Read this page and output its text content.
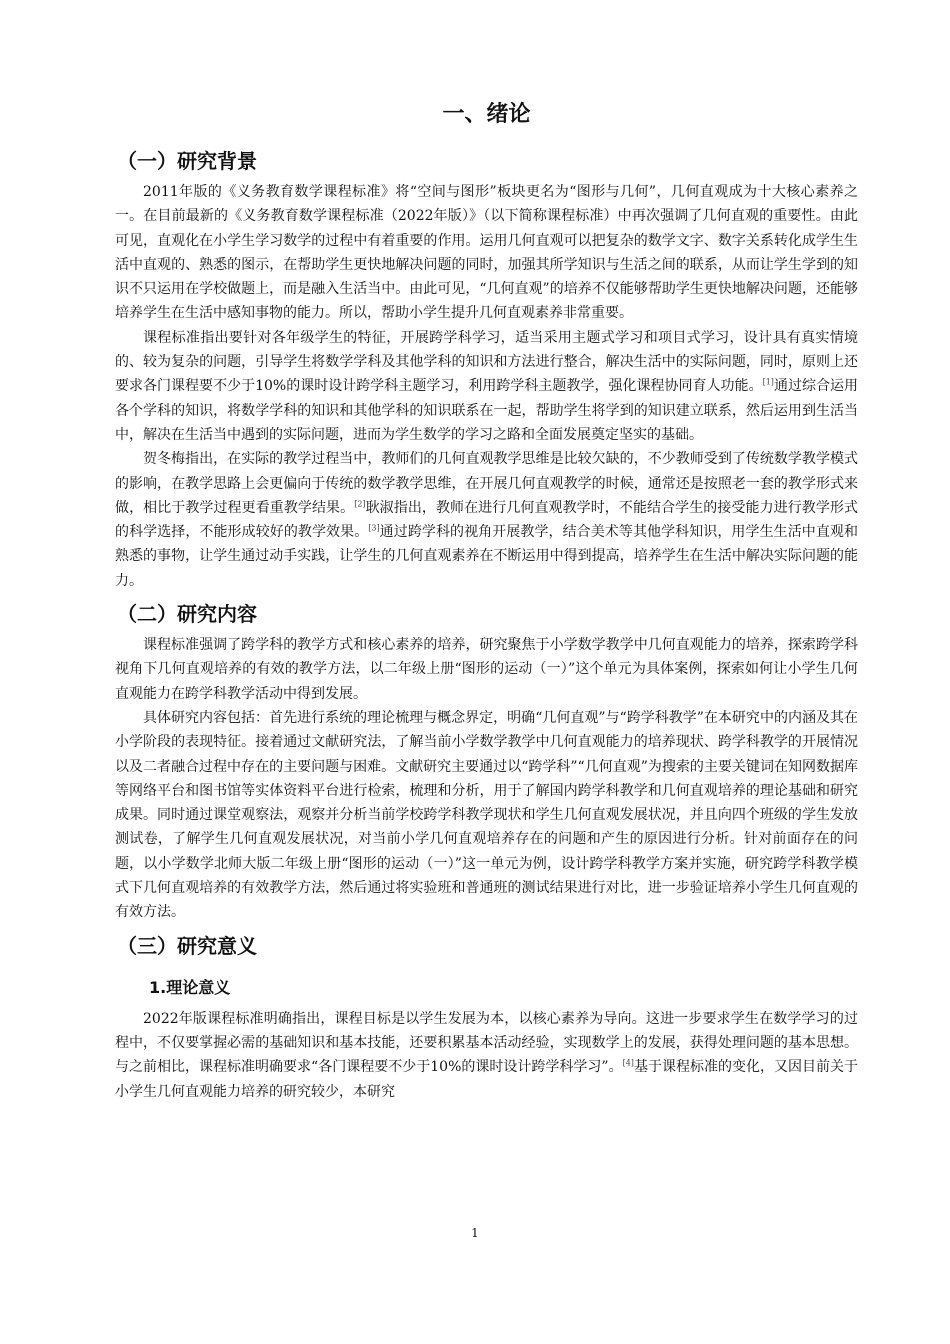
一、绪论
（一）研究背景

2011年版的《义务教育数学课程标准》将“空间与图形”板块更名为“图形与几何”，几何直观成为十大核心素养之一。在目前最新的《义务教育数学课程标准（2022年版）》（以下简称课程标准）中再次强调了几何直观的重要性。由此可见，直观化在小学生学习数学的过程中有着重要的作用。运用几何直观可以把复杂的数学文字、数字关系转化成学生生活中直观的、熟悉的图示，在帮助学生更快地解决问题的同时，加强其所学知识与生活之间的联系，从而让学生学到的知识不只运用在学校做题上，而是融入生活当中。由此可见，“几何直观”的培养不仅能够帮助学生更快地解决问题，还能够培养学生在生活中感知事物的能力。所以，帮助小学生提升几何直观素养非常重要。

课程标准指出要针对各年级学生的特征，开展跨学科学习，适当采用主题式学习和项目式学习，设计具有真实情境的、较为复杂的问题，引导学生将数学学科及其他学科的知识和方法进行整合，解决生活中的实际问题，同时，原则上还要求各门课程要不少于10%的课时设计跨学科主题学习，利用跨学科主题教学，强化课程协同育人功能。[1]通过综合运用各个学科的知识，将数学学科的知识和其他学科的知识联系在一起，帮助学生将学到的知识建立联系，然后运用到生活当中，解决在生活当中遇到的实际问题，进而为学生数学的学习之路和全面发展奠定坚实的基础。

贺冬梅指出，在实际的教学过程当中，教师们的几何直观教学思维是比较欠缺的，不少教师受到了传统数学教学模式的影响，在教学思路上会更偏向于传统的数学教学思维，在开展几何直观教学的时候，通常还是按照老一套的教学形式来做，相比于教学过程更看重教学结果。[2]耿淑指出，教师在进行几何直观教学时，不能结合学生的接受能力进行教学形式的科学选择，不能形成较好的教学效果。[3]通过跨学科的视角开展教学，结合美术等其他学科知识，用学生生活中直观和熟悉的事物，让学生通过动手实践，让学生的几何直观素养在不断运用中得到提高，培养学生在生活中解决实际问题的能力。

（二）研究内容

课程标准强调了跨学科的教学方式和核心素养的培养，研究聚焦于小学数学教学中几何直观能力的培养，探索跨学科视角下几何直观培养的有效的教学方法，以二年级上册“图形的运动（一）”这个单元为具体案例，探索如何让小学生几何直观能力在跨学科教学活动中得到发展。

具体研究内容包括：首先进行系统的理论梳理与概念界定，明确“几何直观”与“跨学科教学”在本研究中的内涵及其在小学阶段的表现特征。接着通过文献研究法，了解当前小学数学教学中几何直观能力的培养现状、跨学科教学的开展情况以及二者融合过程中存在的主要问题与困难。文献研究主要通过以“跨学科”“几何直观”为搜索的主要关键词在知网数据库等网络平台和图书馆等实体资料平台进行检索，梳理和分析，用于了解国内跨学科教学和几何直观培养的理论基础和研究成果。同时通过课堂观察法，观察并分析当前学校跨学科教学现状和学生几何直观发展状况，并且向四个班级的学生发放测试卷，了解学生几何直观发展状况，对当前小学几何直观培养存在的问题和产生的原因进行分析。针对前面存在的问题，以小学数学北师大版二年级上册“图形的运动（一）”这一单元为例，设计跨学科教学方案并实施，研究跨学科教学模式下几何直观培养的有效教学方法，然后通过将实验班和普通班的测试结果进行对比，进一步验证培养小学生几何直观的有效方法。

（三）研究意义
1.理论意义

2022年版课程标准明确指出，课程目标是以学生发展为本，以核心素养为导向。这进一步要求学生在数学学习的过程中，不仅要掌握必需的基础知识和基本技能，还要积累基本活动经验，实现数学上的发展，获得处理问题的基本思想。与之前相比，课程标准明确要求“各门课程要不少于10%的课时设计跨学科学习”。[4]基于课程标准的变化，又因目前关于小学生几何直观能力培养的研究较少，本研究

1
